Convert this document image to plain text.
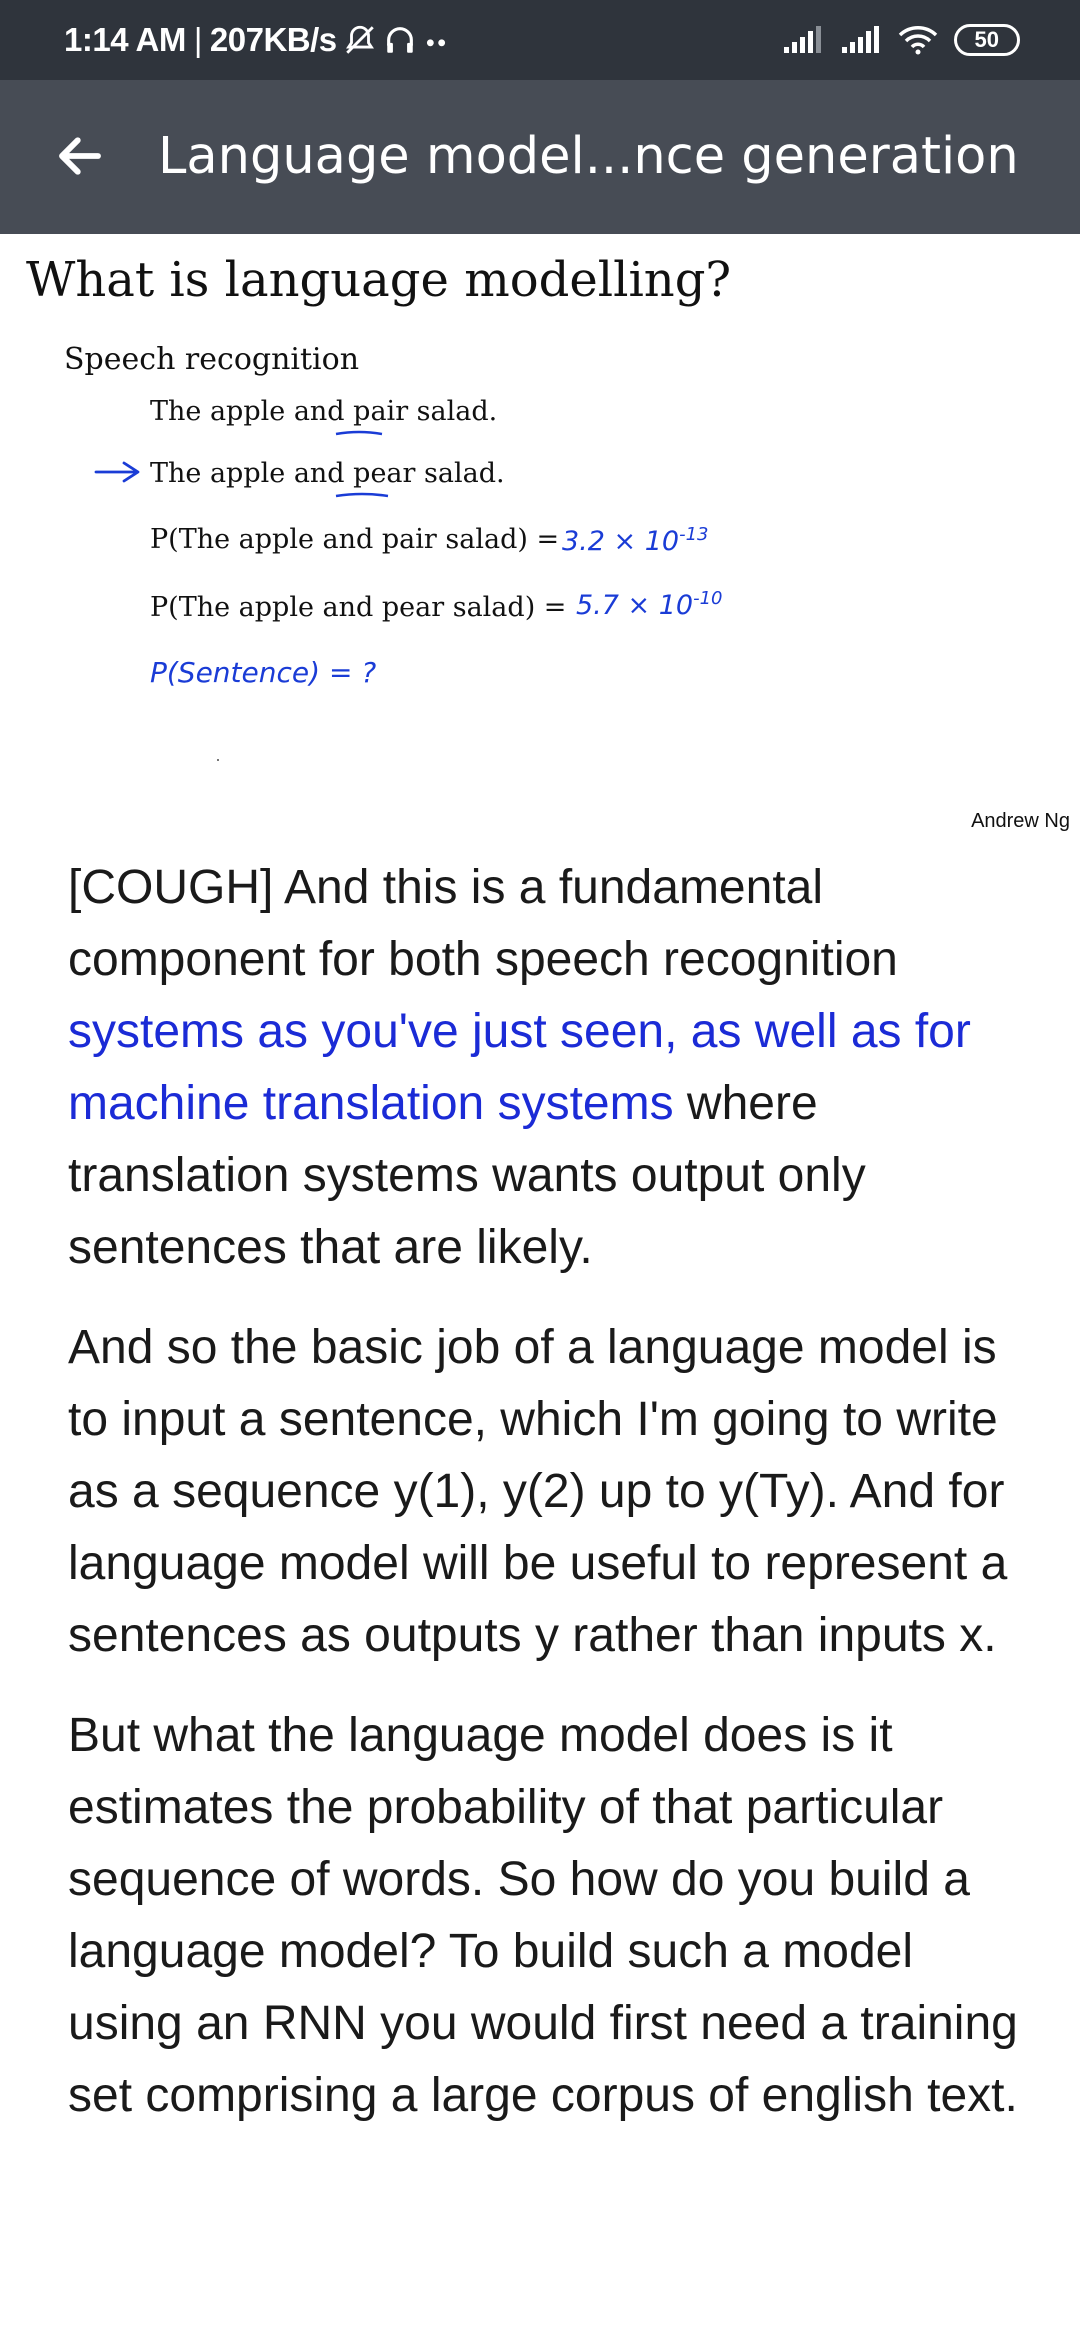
1:14 AM | 207KB/s	50
Language model...nce generation
What is language modelling?
Speech recognition
The apple and pair salad.
The apple and pear salad.
P(The apple and pair salad) = $3.2 \times 10^{-13}$
P(The apple and pear salad) = $5.7 \times 10^{-10}$
P(Sentence) = ?
Andrew Ng

[COUGH] And this is a fundamental component for both speech recognition systems as you've just seen, as well as for machine translation systems where translation systems wants output only sentences that are likely.

And so the basic job of a language model is to input a sentence, which I'm going to write as a sequence y(1), y(2) up to y(Ty). And for language model will be useful to represent a sentences as outputs y rather than inputs x.

But what the language model does is it estimates the probability of that particular sequence of words. So how do you build a language model? To build such a model using an RNN you would first need a training set comprising a large corpus of english text.
